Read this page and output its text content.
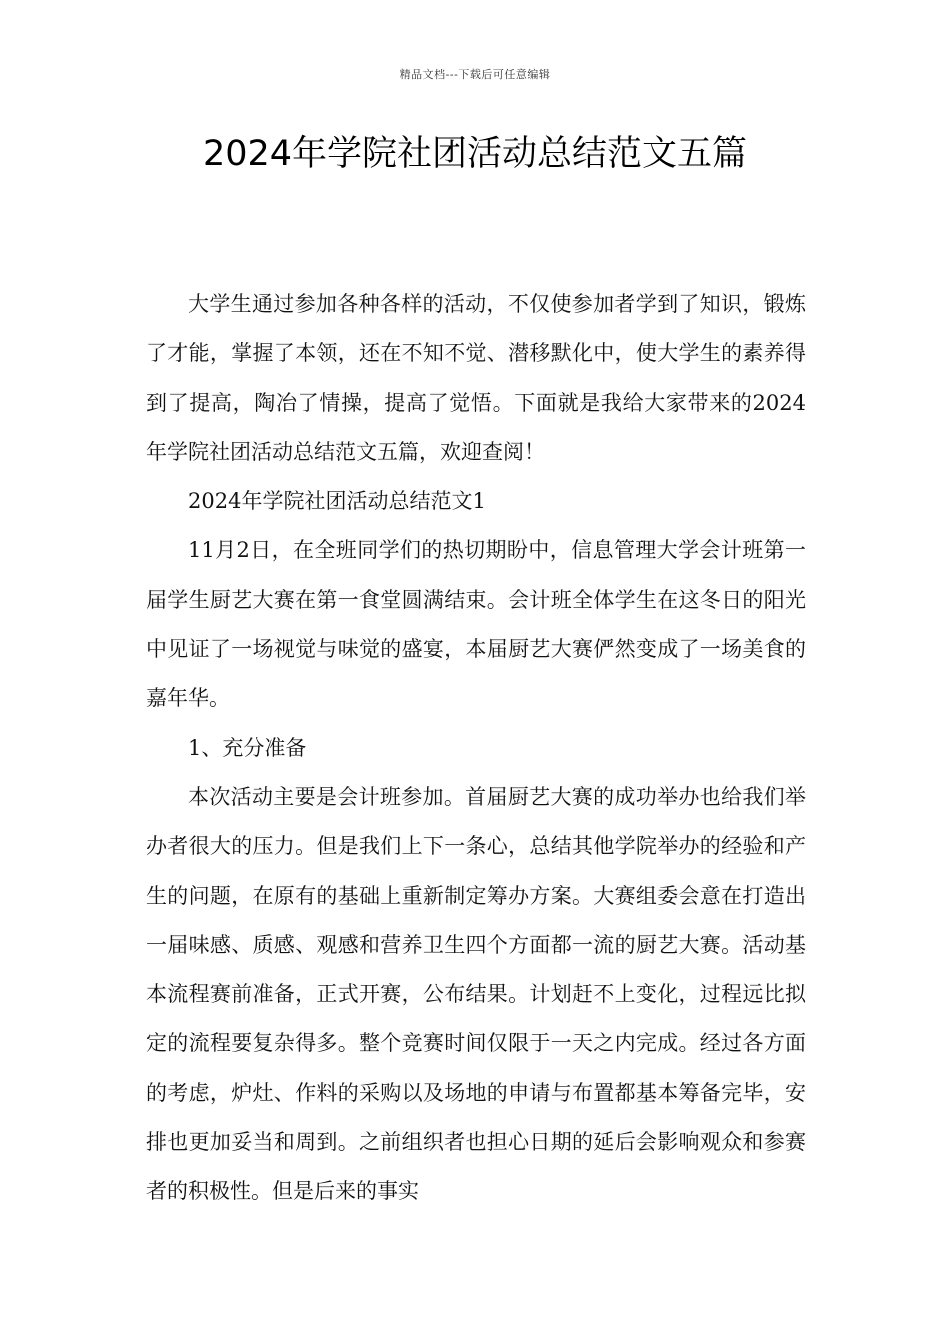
精品文档---下载后可任意编辑
2024年学院社团活动总结范文五篇

大学生通过参加各种各样的活动，不仅使参加者学到了知识，锻炼了才能，掌握了本领，还在不知不觉、潜移默化中，使大学生的素养得到了提高，陶冶了情操，提高了觉悟。下面就是我给大家带来的2024年学院社团活动总结范文五篇，欢迎查阅！

2024年学院社团活动总结范文1

11月2日，在全班同学们的热切期盼中，信息管理大学会计班第一届学生厨艺大赛在第一食堂圆满结束。会计班全体学生在这冬日的阳光中见证了一场视觉与味觉的盛宴，本届厨艺大赛俨然变成了一场美食的嘉年华。

1、充分准备

本次活动主要是会计班参加。首届厨艺大赛的成功举办也给我们举办者很大的压力。但是我们上下一条心，总结其他学院举办的经验和产生的问题，在原有的基础上重新制定筹办方案。大赛组委会意在打造出一届味感、质感、观感和营养卫生四个方面都一流的厨艺大赛。活动基本流程赛前准备，正式开赛，公布结果。计划赶不上变化，过程远比拟定的流程要复杂得多。整个竞赛时间仅限于一天之内完成。经过各方面的考虑，炉灶、作料的采购以及场地的申请与布置都基本筹备完毕，安排也更加妥当和周到。之前组织者也担心日期的延后会影响观众和参赛者的积极性。但是后来的事实
